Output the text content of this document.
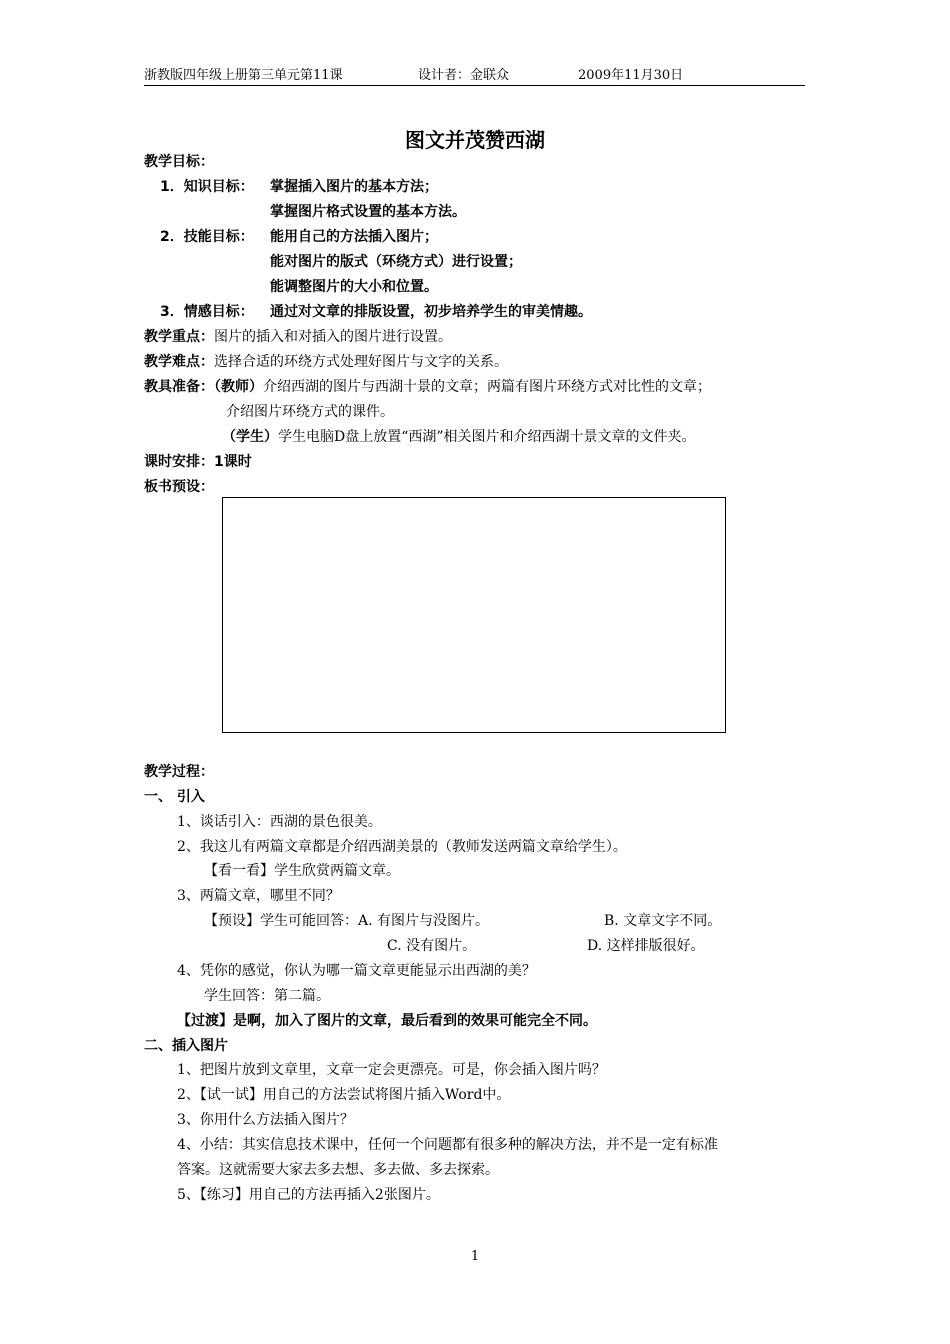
浙教版四年级上册第三单元第11课	设计者：金联众	2009年11月30日
图文并茂赞西湖
教学目标：
1．知识目标： 掌握插入图片的基本方法；
掌握图片格式设置的基本方法。
2．技能目标： 能用自己的方法插入图片；
能对图片的版式（环绕方式）进行设置；
能调整图片的大小和位置。
3．情感目标： 通过对文章的排版设置，初步培养学生的审美情趣。
教学重点：图片的插入和对插入的图片进行设置。
教学难点：选择合适的环绕方式处理好图片与文字的关系。
教具准备：（教师）介绍西湖的图片与西湖十景的文章；两篇有图片环绕方式对比性的文章；
介绍图片环绕方式的课件。
（学生）学生电脑D盘上放置“西湖”相关图片和介绍西湖十景文章的文件夹。
课时安排：1课时
板书预设：
教学过程：
一、 引入
1、谈话引入：西湖的景色很美。
2、我这儿有两篇文章都是介绍西湖美景的（教师发送两篇文章给学生）。
【看一看】学生欣赏两篇文章。
3、两篇文章，哪里不同？
【预设】学生可能回答：A. 有图片与没图片。	B. 文章文字不同。
C. 没有图片。	D. 这样排版很好。
4、凭你的感觉，你认为哪一篇文章更能显示出西湖的美？
学生回答：第二篇。
【过渡】是啊，加入了图片的文章，最后看到的效果可能完全不同。
二、插入图片
1、把图片放到文章里，文章一定会更漂亮。可是，你会插入图片吗？
2、【试一试】用自己的方法尝试将图片插入Word中。
3、你用什么方法插入图片？
4、小结：其实信息技术课中，任何一个问题都有很多种的解决方法，并不是一定有标准
答案。这就需要大家去多去想、多去做、多去探索。
5、【练习】用自己的方法再插入2张图片。
1
